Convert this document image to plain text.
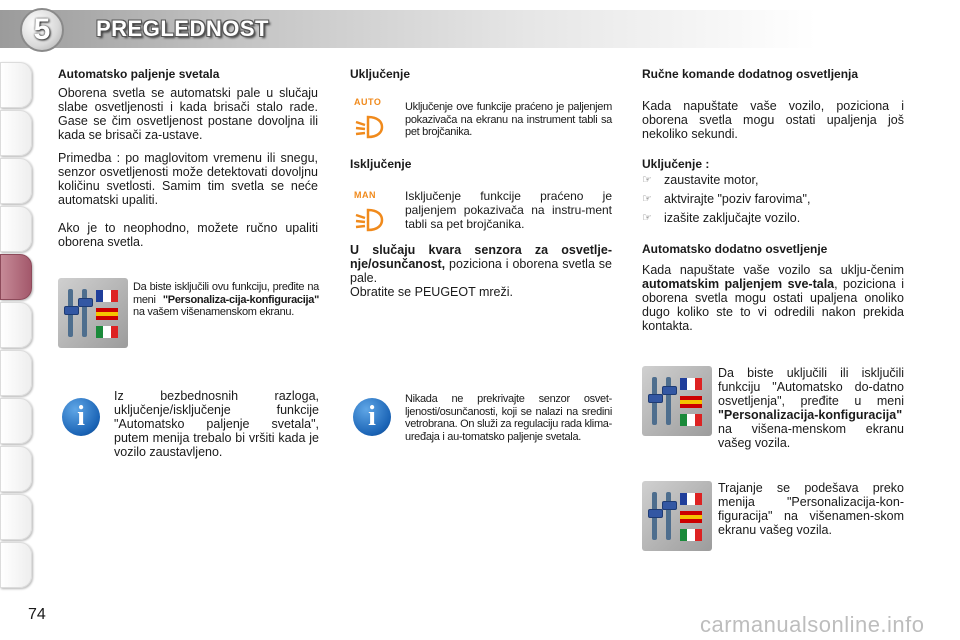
5	PREGLEDNOST
Automatsko paljenje svetala
Oborena svetla se automatski pale u slučaju slabe osvetljenosti i kada brisači stalo rade. Gase se čim osvetljenost postane dovoljna ili kada se brisači za-ustave.
Primedba : po maglovitom vremenu ili snegu, senzor osvetljenosti može detektovati dovoljnu količinu svetlosti. Samim tim svetla se neće automatski upaliti.
Ako je to neophodno, možete ručno upaliti oborena svetla.
Da biste isključili ovu funkciju, pređite na meni "Personaliza-cija-konfiguracija" na vašem višenamenskom ekranu.
i
Iz bezbednosnih razloga, uključenje/isključenje funkcije "Automatsko paljenje svetala", putem menija trebalo bi vršiti kada je vozilo zaustavljeno.
Uključenje
AUTO	Uključenje ove funkcije praćeno je paljenjem pokazivača na ekranu na instrument tabli sa pet brojčanika.
Isključenje
MAN	Isključenje funkcije praćeno je paljenjem pokazivača na instru-ment tabli sa pet brojčanika.
U slučaju kvara senzora za osvetlje-nje/osunčanost, poziciona i oborena svetla se pale.
Obratite se PEUGEOT mreži.
i
Nikada ne prekrivajte senzor osvet-ljenosti/osunčanosti, koji se nalazi na sredini vetrobrana. On služi za regulaciju rada klima-uređaja i au-tomatsko paljenje svetala.
Ručne komande dodatnog osvetljenja
Kada napuštate vaše vozilo, poziciona i oborena svetla mogu ostati upaljenja još nekoliko sekundi.
Uključenje :
☞ zaustavite motor,
☞ aktvirajte "poziv farovima",
☞ izašite zaključajte vozilo.
Automatsko dodatno osvetljenje
Kada napuštate vaše vozilo sa uklju-čenim automatskim paljenjem sve-tala, poziciona i oborena svetla mogu ostati upaljena onoliko dugo koliko ste to vi odredili nakon prekida kontakta.
Da biste uključili ili isključili funkciju "Automatsko do-datno osvetljenja", pređite u meni "Personalizacija-konfiguracija" na višena-menskom ekranu vašeg vozila.
Trajanje se podešava preko menija "Personalizacija-kon-figuracija" na višenamen-skom ekranu vašeg vozila.
74	carmanualsonline.info
